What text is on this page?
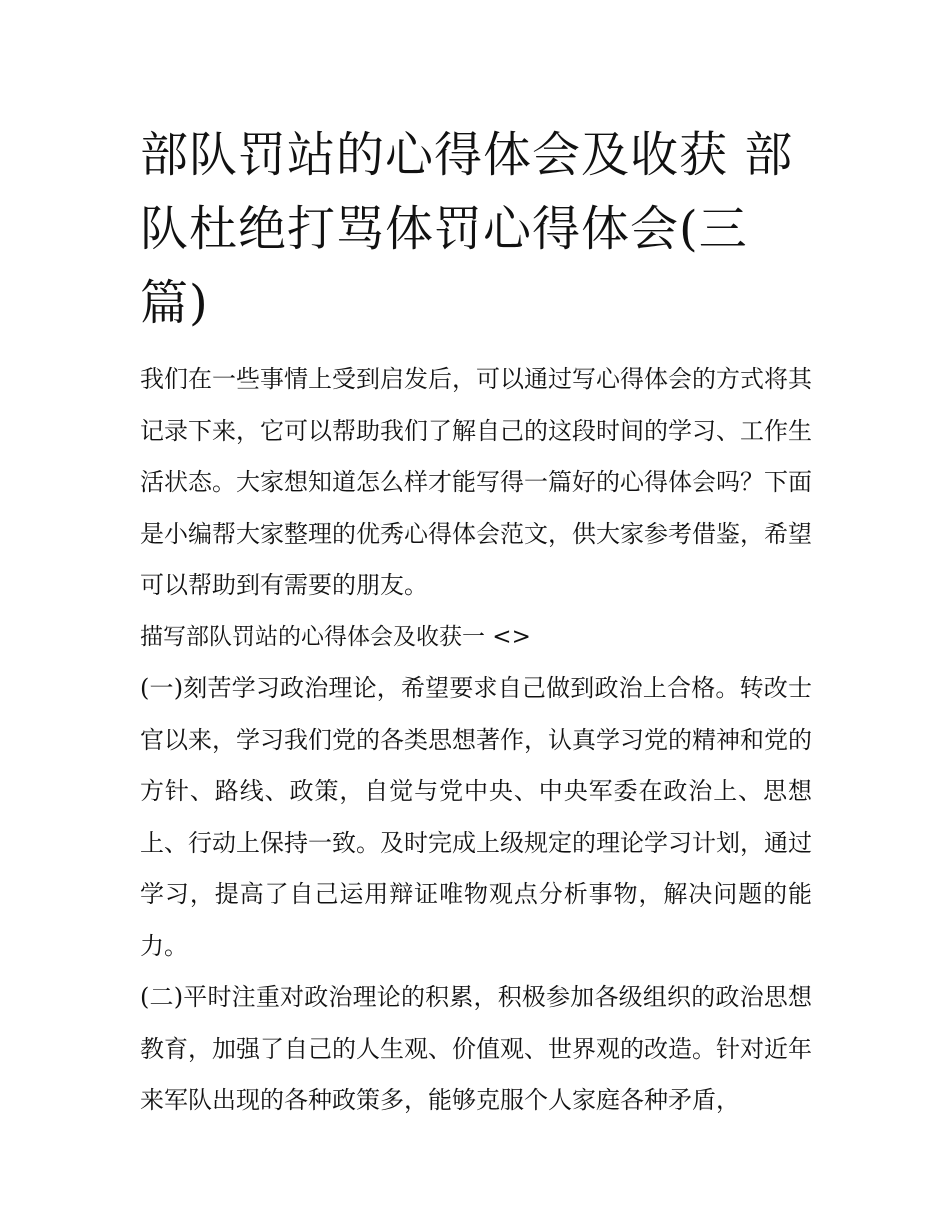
部队罚站的心得体会及收获 部队杜绝打骂体罚心得体会(三篇)

我们在一些事情上受到启发后，可以通过写心得体会的方式将其记录下来，它可以帮助我们了解自己的这段时间的学习、工作生活状态。大家想知道怎么样才能写得一篇好的心得体会吗？下面是小编帮大家整理的优秀心得体会范文，供大家参考借鉴，希望可以帮助到有需要的朋友。

描写部队罚站的心得体会及收获一 <>

(一)刻苦学习政治理论，希望要求自己做到政治上合格。转改士官以来，学习我们党的各类思想著作，认真学习党的精神和党的方针、路线、政策，自觉与党中央、中央军委在政治上、思想上、行动上保持一致。及时完成上级规定的理论学习计划，通过学习，提高了自己运用辩证唯物观点分析事物，解决问题的能力。

(二)平时注重对政治理论的积累，积极参加各级组织的政治思想教育，加强了自己的人生观、价值观、世界观的改造。针对近年来军队出现的各种政策多，能够克服个人家庭各种矛盾，
